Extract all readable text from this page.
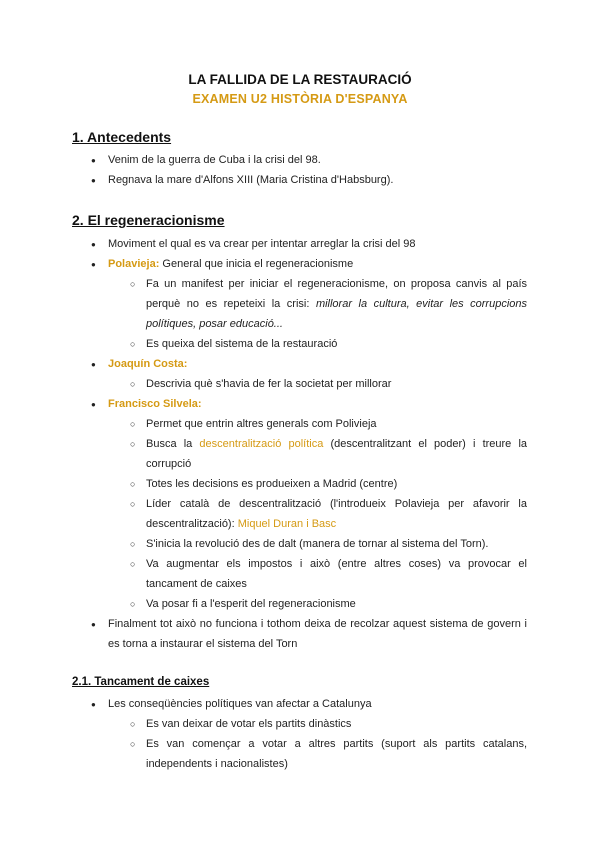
LA FALLIDA DE LA RESTAURACIÓ
EXAMEN U2 HISTÒRIA D'ESPANYA
1. Antecedents
● Venim de la guerra de Cuba i la crisi del 98.
● Regnava la mare d'Alfons XIII (Maria Cristina d'Habsburg).
2. El regeneracionisme
● Moviment el qual es va crear per intentar arreglar la crisi del 98
● Polavieja: General que inicia el regeneracionisme
○ Fa un manifest per iniciar el regeneracionisme, on proposa canvis al país
perquè no es repeteixi la crisi: millorar la cultura, evitar les corrupcions
polítiques, posar educació...
○ Es queixa del sistema de la restauració
● Joaquín Costa:
○ Descrivia què s'havia de fer la societat per millorar
● Francisco Silvela:
○ Permet que entrin altres generals com Polivieja
○ Busca la descentralització política (descentralitzant el poder) i treure la
corrupció
○ Totes les decisions es produeixen a Madrid (centre)
○ Líder català de descentralització (l'introdueix Polavieja per afavorir la
descentralització): Miquel Duran i Basc
○ S'inicia la revolució des de dalt (manera de tornar al sistema del Torn).
○ Va augmentar els impostos i això (entre altres coses) va provocar el
tancament de caixes
○ Va posar fi a l'esperit del regeneracionisme
● Finalment tot això no funciona i tothom deixa de recolzar aquest sistema de govern i
es torna a instaurar el sistema del Torn
2.1. Tancament de caixes
● Les conseqüències polítiques van afectar a Catalunya
○ Es van deixar de votar els partits dinàstics
○ Es van començar a votar a altres partits (suport als partits catalans,
independents i nacionalistes)
